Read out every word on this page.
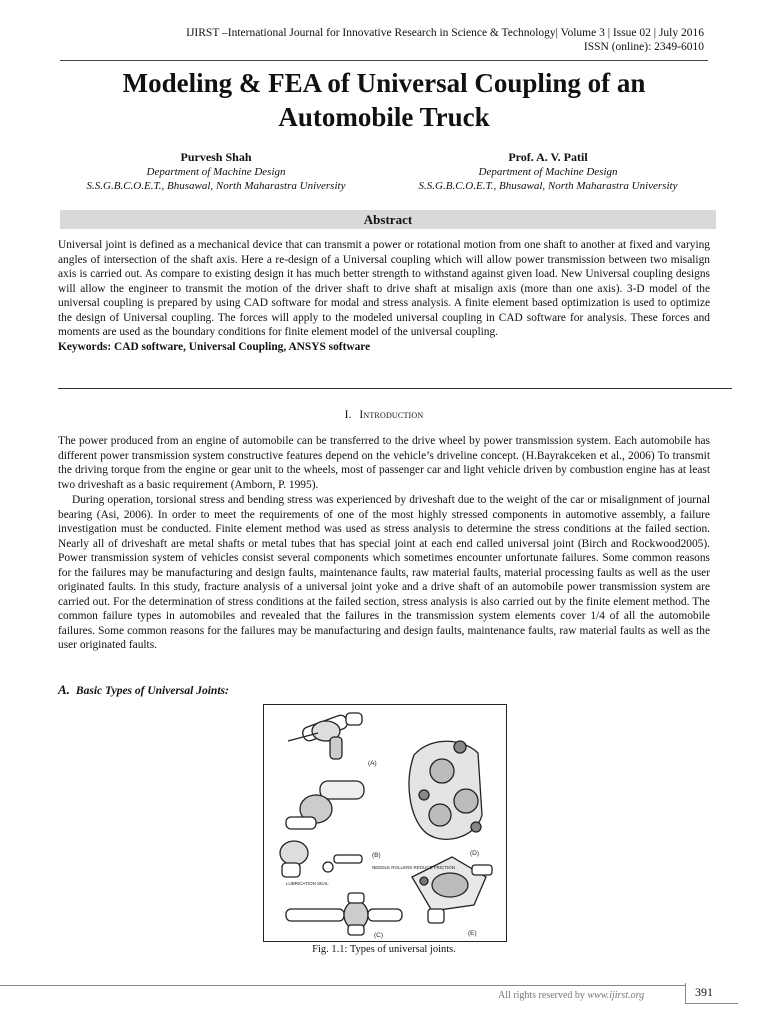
IJIRST –International Journal for Innovative Research in Science & Technology| Volume 3 | Issue 02 | July 2016
ISSN (online): 2349-6010
Modeling & FEA of Universal Coupling of an Automobile Truck
Purvesh Shah
Department of Machine Design
S.S.G.B.C.O.E.T., Bhusawal, North Maharastra University
Prof. A. V. Patil
Department of Machine Design
S.S.G.B.C.O.E.T., Bhusawal, North Maharastra University
Abstract
Universal joint is defined as a mechanical device that can transmit a power or rotational motion from one shaft to another at fixed and varying angles of intersection of the shaft axis. Here a re-design of a Universal coupling which will allow power transmission between two misalign axis is carried out. As compare to existing design it has much better strength to withstand against given load. New Universal coupling designs will allow the engineer to transmit the motion of the driver shaft to drive shaft at misalign axis (more than one axis). 3-D model of the universal coupling is prepared by using CAD software for modal and stress analysis. A finite element based optimization is used to optimize the design of Universal coupling. The forces will apply to the modeled universal coupling in CAD software for analysis. These forces and moments are used as the boundary conditions for finite element model of the universal coupling.
Keywords: CAD software, Universal Coupling, ANSYS software
I. Introduction
The power produced from an engine of automobile can be transferred to the drive wheel by power transmission system. Each automobile has different power transmission system constructive features depend on the vehicle’s driveline concept. (H.Bayrakceken et al., 2006) To transmit the driving torque from the engine or gear unit to the wheels, most of passenger car and light vehicle driven by combustion engine has at least two driveshaft as a basic requirement (Amborn, P. 1995).
During operation, torsional stress and bending stress was experienced by driveshaft due to the weight of the car or misalignment of journal bearing (Asi, 2006). In order to meet the requirements of one of the most highly stressed components in automotive assembly, a failure investigation must be conducted. Finite element method was used as stress analysis to determine the stress conditions at the failed section. Nearly all of driveshaft are metal shafts or metal tubes that has special joint at each end called universal joint (Birch and Rockwood2005). Power transmission system of vehicles consist several components which sometimes encounter unfortunate failures. Some common reasons for the failures may be manufacturing and design faults, maintenance faults, raw material faults, material processing faults as well as the user originated faults. In this study, fracture analysis of a universal joint yoke and a drive shaft of an automobile power transmission system are carried out. For the determination of stress conditions at the failed section, stress analysis is also carried out by the finite element method. The common failure types in automobiles and revealed that the failures in the transmission system elements cover 1/4 of all the automobile failures. Some common reasons for the failures may be manufacturing and design faults, maintenance faults, raw material faults as well as the user originated faults.
A. Basic Types of Universal Joints:
(A)
(B)
(C)
(D)
(E)
NEEDLE ROLLERS REDUCE FRICTION
LUBRICATION SEAL
Fig. 1.1: Types of universal joints.
All rights reserved by www.ijirst.org	391
